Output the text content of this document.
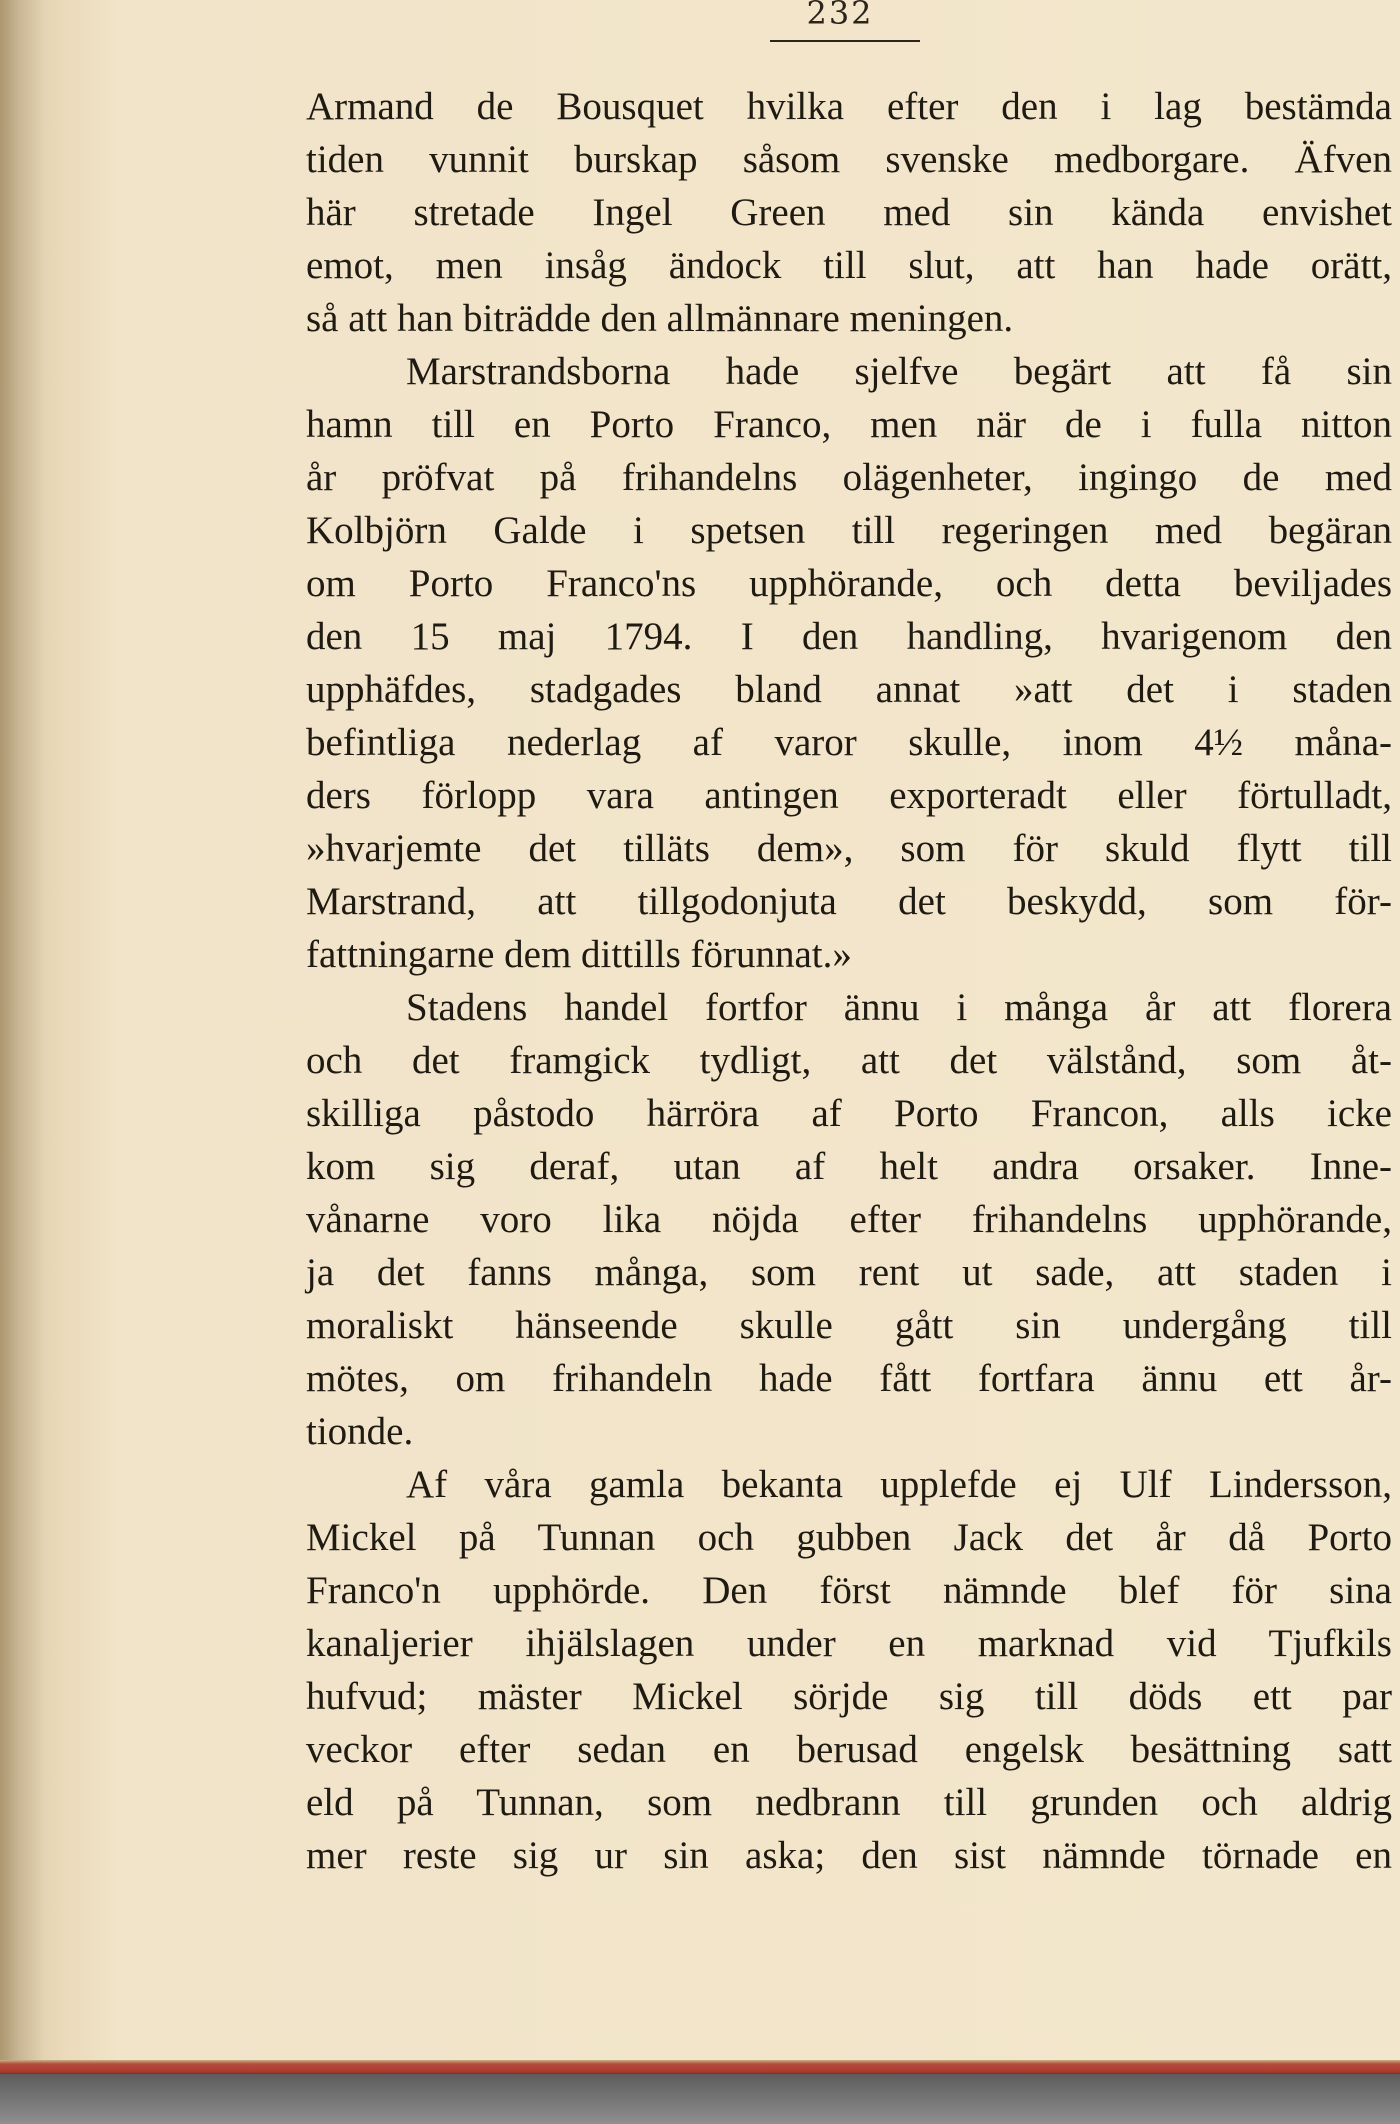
232
Armand de Bousquet hvilka efter den i lag bestämda
tiden vunnit burskap såsom svenske medborgare. Äfven
här stretade Ingel Green med sin kända envishet
emot, men insåg ändock till slut, att han hade orätt,
så att han biträdde den allmännare meningen.
Marstrandsborna hade sjelfve begärt att få sin
hamn till en Porto Franco, men när de i fulla nitton
år pröfvat på frihandelns olägenheter, ingingo de med
Kolbjörn Galde i spetsen till regeringen med begäran
om Porto Franco'ns upphörande, och detta beviljades
den 15 maj 1794. I den handling, hvarigenom den
upphäfdes, stadgades bland annat »att det i staden
befintliga nederlag af varor skulle, inom 4½ måna-
ders förlopp vara antingen exporteradt eller förtulladt,
»hvarjemte det tilläts dem», som för skuld flytt till
Marstrand, att tillgodonjuta det beskydd, som för-
fattningarne dem dittills förunnat.»
Stadens handel fortfor ännu i många år att florera
och det framgick tydligt, att det välstånd, som åt-
skilliga påstodo härröra af Porto Francon, alls icke
kom sig deraf, utan af helt andra orsaker. Inne-
vånarne voro lika nöjda efter frihandelns upphörande,
ja det fanns många, som rent ut sade, att staden i
moraliskt hänseende skulle gått sin undergång till
mötes, om frihandeln hade fått fortfara ännu ett år-
tionde.
Af våra gamla bekanta upplefde ej Ulf Lindersson,
Mickel på Tunnan och gubben Jack det år då Porto
Franco'n upphörde. Den först nämnde blef för sina
kanaljerier ihjälslagen under en marknad vid Tjufkils
hufvud; mäster Mickel sörjde sig till döds ett par
veckor efter sedan en berusad engelsk besättning satt
eld på Tunnan, som nedbrann till grunden och aldrig
mer reste sig ur sin aska; den sist nämnde törnade en
